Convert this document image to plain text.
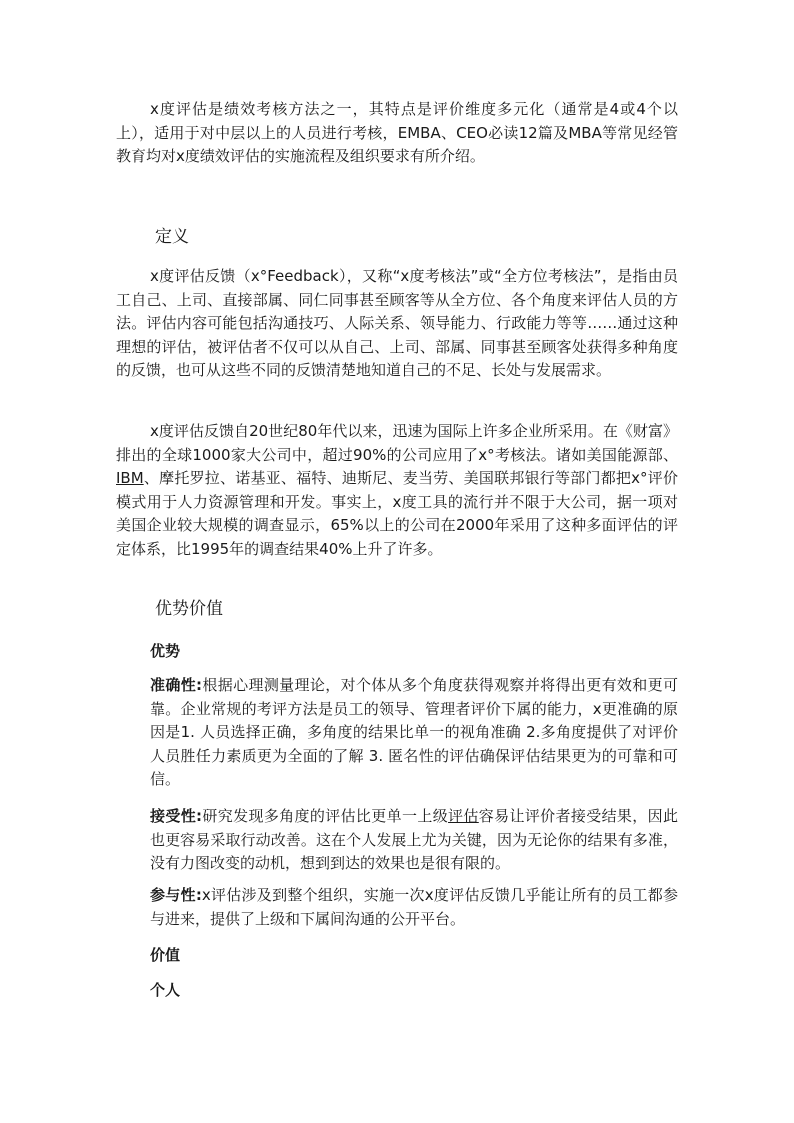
x度评估是绩效考核方法之一，其特点是评价维度多元化（通常是4或4个以上），适用于对中层以上的人员进行考核，EMBA、CEO必读12篇及MBA等常见经管教育均对x度绩效评估的实施流程及组织要求有所介绍。

定义

x度评估反馈（x°Feedback），又称“x度考核法”或“全方位考核法”，是指由员工自己、上司、直接部属、同仁同事甚至顾客等从全方位、各个角度来评估人员的方法。评估内容可能包括沟通技巧、人际关系、领导能力、行政能力等等……通过这种理想的评估，被评估者不仅可以从自己、上司、部属、同事甚至顾客处获得多种角度的反馈，也可从这些不同的反馈清楚地知道自己的不足、长处与发展需求。

x度评估反馈自20世纪80年代以来，迅速为国际上许多企业所采用。在《财富》排出的全球1000家大公司中，超过90%的公司应用了x°考核法。诸如美国能源部、IBM、摩托罗拉、诺基亚、福特、迪斯尼、麦当劳、美国联邦银行等部门都把x°评价模式用于人力资源管理和开发。事实上，x度工具的流行并不限于大公司，据一项对美国企业较大规模的调查显示，65%以上的公司在2000年采用了这种多面评估的评定体系，比1995年的调查结果40%上升了许多。

优势价值
优势

准确性:根据心理测量理论，对个体从多个角度获得观察并将得出更有效和更可靠。企业常规的考评方法是员工的领导、管理者评价下属的能力，x更准确的原因是1. 人员选择正确，多角度的结果比单一的视角准确 2.多角度提供了对评价人员胜任力素质更为全面的了解 3. 匿名性的评估确保评估结果更为的可靠和可信。

接受性:研究发现多角度的评估比更单一上级评估容易让评价者接受结果，因此也更容易采取行动改善。这在个人发展上尤为关键，因为无论你的结果有多准，没有力图改变的动机，想到到达的效果也是很有限的。

参与性:x评估涉及到整个组织，实施一次x度评估反馈几乎能让所有的员工都参与进来，提供了上级和下属间沟通的公开平台。

价值
个人
